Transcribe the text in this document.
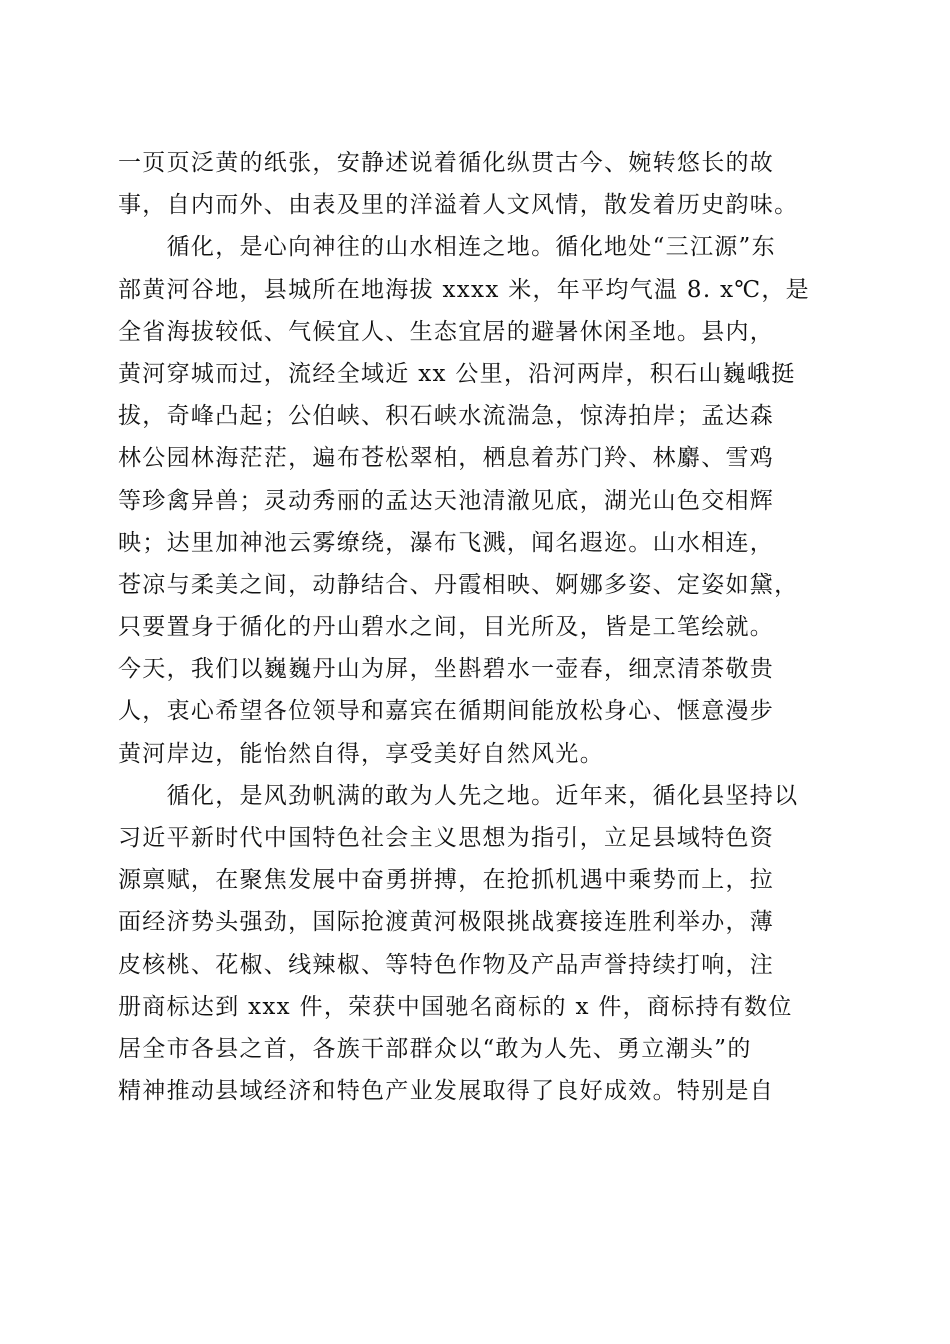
一页页泛黄的纸张，安静述说着循化纵贯古今、婉转悠长的故
事，自内而外、由表及里的洋溢着人文风情，散发着历史韵味。
　　循化，是心向神往的山水相连之地。循化地处“三江源”东
部黄河谷地，县城所在地海拔 xxxx 米，年平均气温 8. x℃，是
全省海拔较低、气候宜人、生态宜居的避暑休闲圣地。县内，
黄河穿城而过，流经全域近 xx 公里，沿河两岸，积石山巍峨挺
拔，奇峰凸起；公伯峡、积石峡水流湍急，惊涛拍岸；孟达森
林公园林海茫茫，遍布苍松翠柏，栖息着苏门羚、林麝、雪鸡
等珍禽异兽；灵动秀丽的孟达天池清澈见底，湖光山色交相辉
映；达里加神池云雾缭绕，瀑布飞溅，闻名遐迩。山水相连，
苍凉与柔美之间，动静结合、丹霞相映、婀娜多姿、定姿如黛，
只要置身于循化的丹山碧水之间，目光所及，皆是工笔绘就。
今天，我们以巍巍丹山为屏，坐斟碧水一壶春，细烹清茶敬贵
人，衷心希望各位领导和嘉宾在循期间能放松身心、惬意漫步
黄河岸边，能怡然自得，享受美好自然风光。
　　循化，是风劲帆满的敢为人先之地。近年来，循化县坚持以
习近平新时代中国特色社会主义思想为指引，立足县域特色资
源禀赋，在聚焦发展中奋勇拼搏，在抢抓机遇中乘势而上，拉
面经济势头强劲，国际抢渡黄河极限挑战赛接连胜利举办，薄
皮核桃、花椒、线辣椒、等特色作物及产品声誉持续打响，注
册商标达到 xxx 件，荣获中国驰名商标的 x 件，商标持有数位
居全市各县之首，各族干部群众以“敢为人先、勇立潮头”的
精神推动县域经济和特色产业发展取得了良好成效。特别是自
